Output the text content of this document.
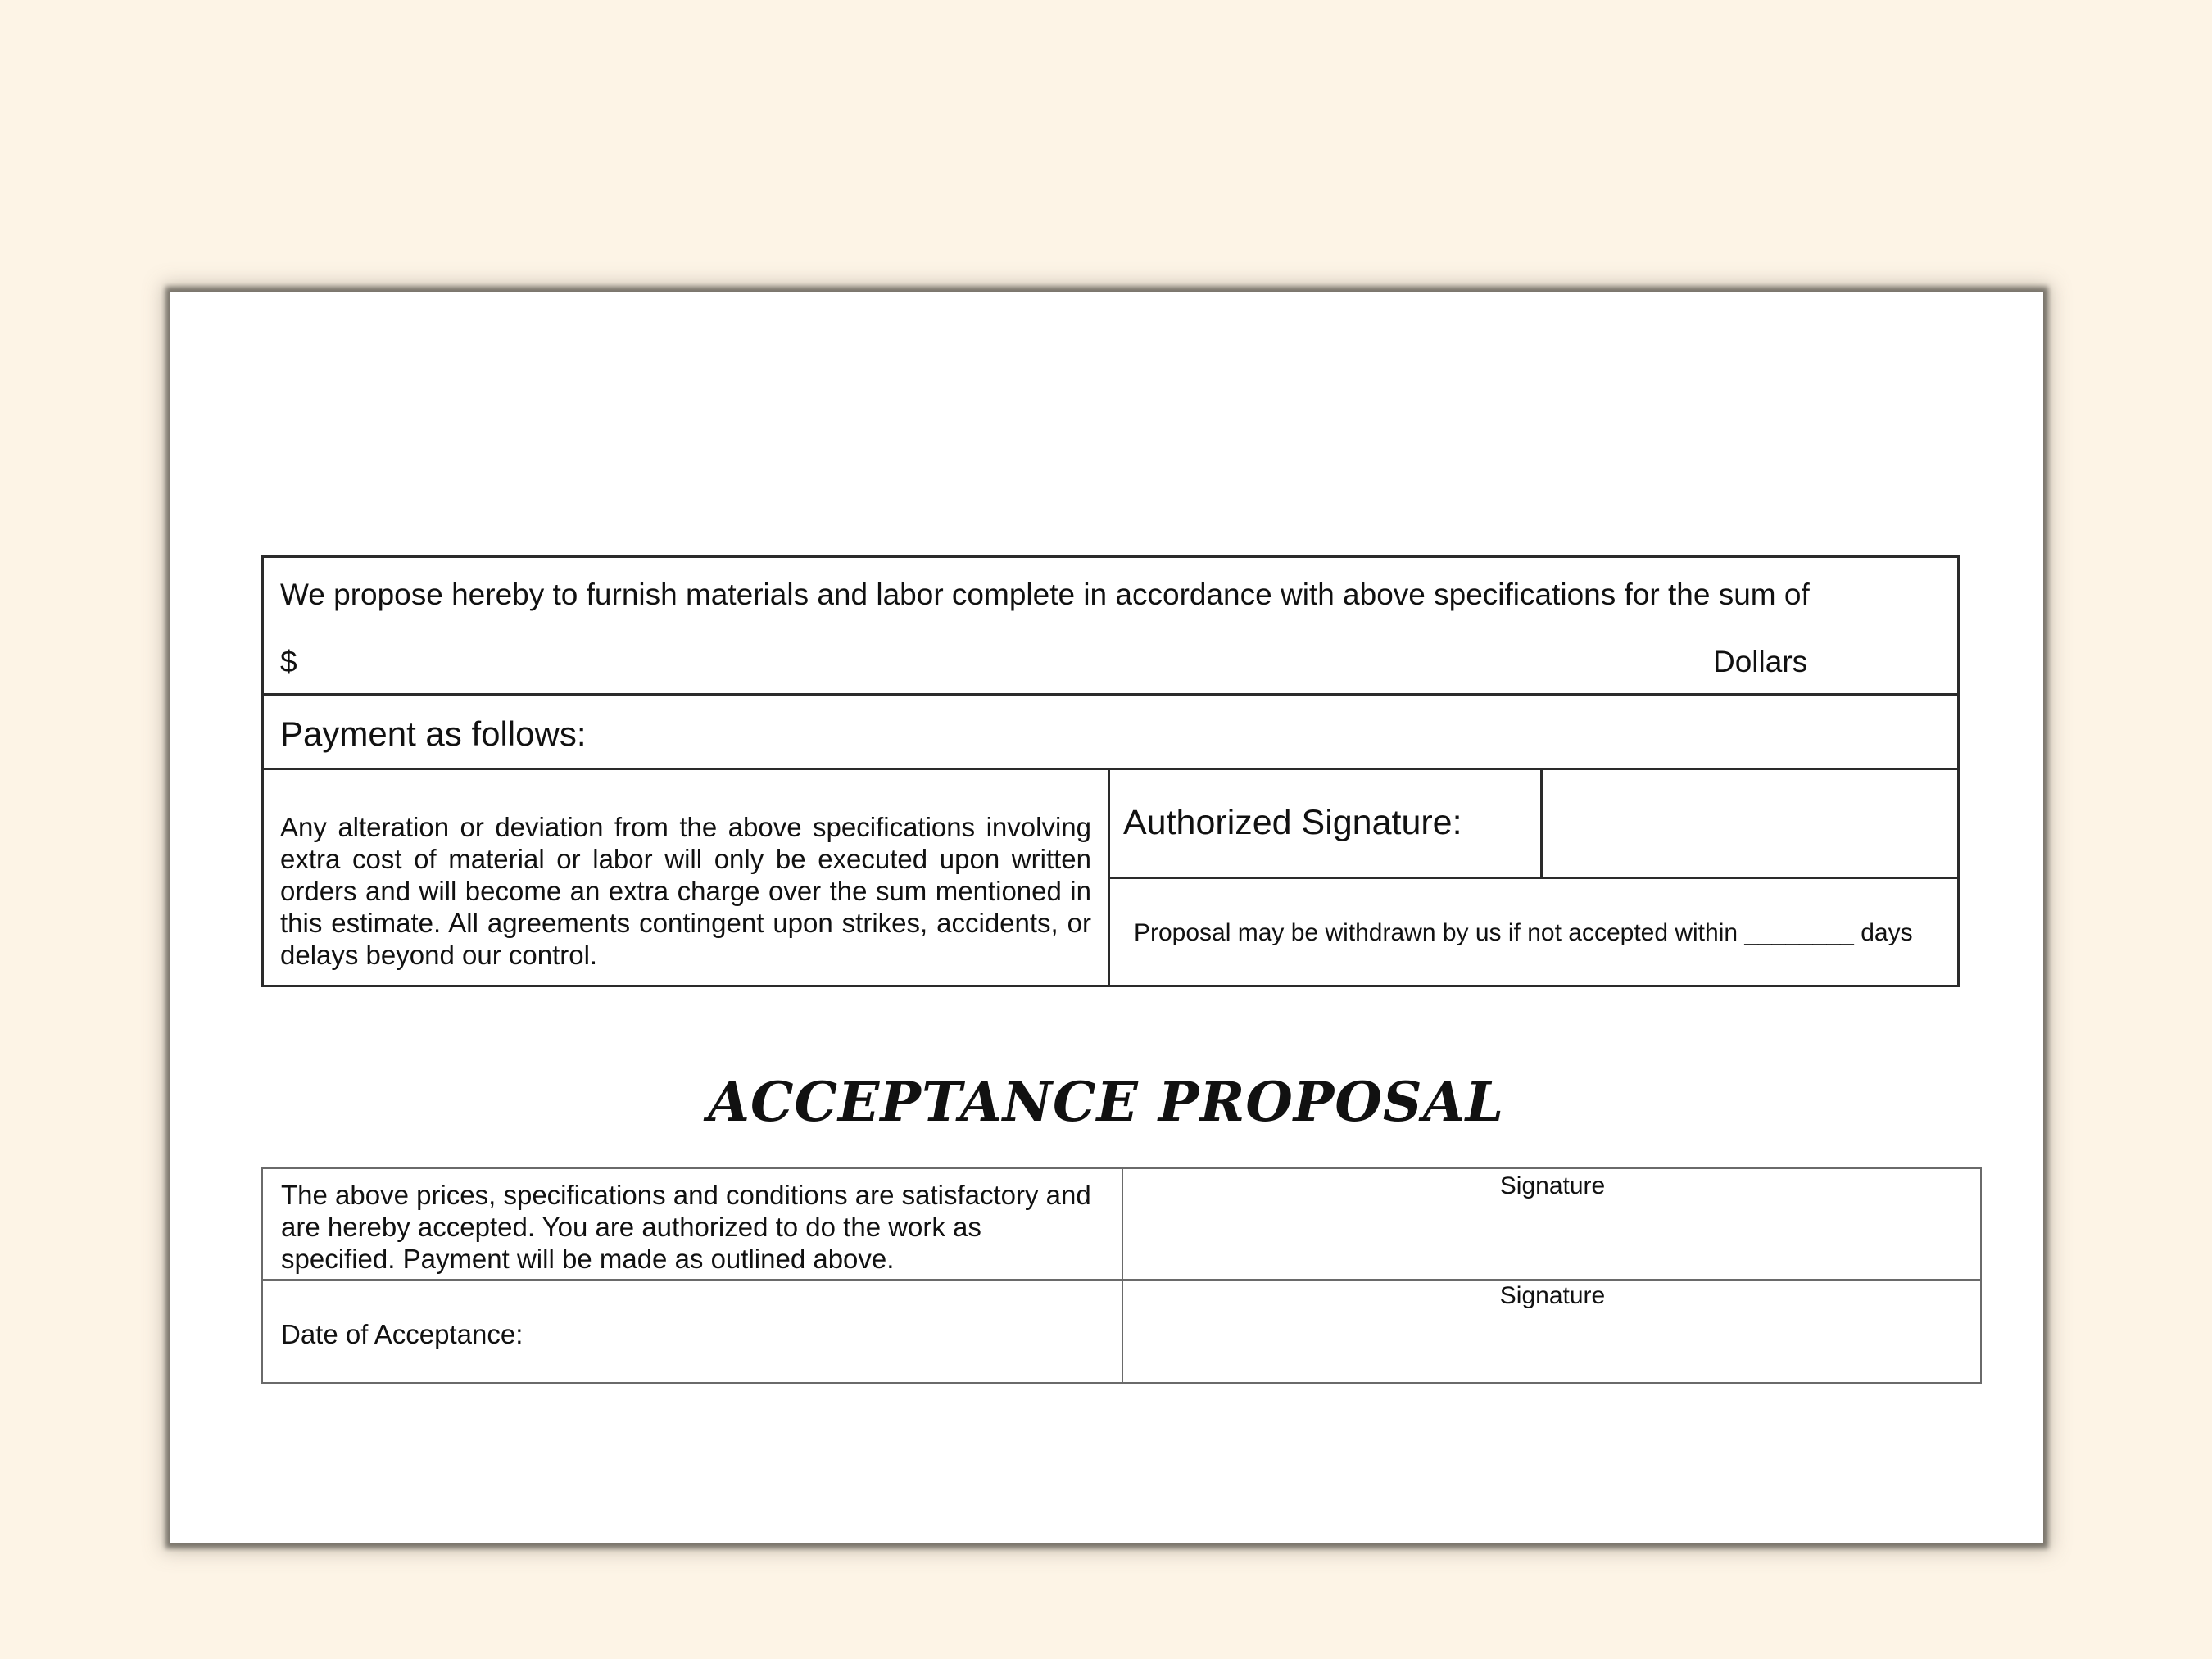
We propose hereby to furnish materials and labor complete in accordance with above specifications for the sum of
$	Dollars
Payment as follows:
Any alteration or deviation from the above specifications involving extra cost of material or labor will only be executed upon written orders and will become an extra charge over the sum mentioned in this estimate. All agreements contingent upon strikes, accidents, or delays beyond our control.
Authorized Signature:
Proposal may be withdrawn by us if not accepted within ________ days
ACCEPTANCE PROPOSAL
The above prices, specifications and conditions are satisfactory and are hereby accepted. You are authorized to do the work as specified. Payment will be made as outlined above.
Signature
Date of Acceptance:
Signature
